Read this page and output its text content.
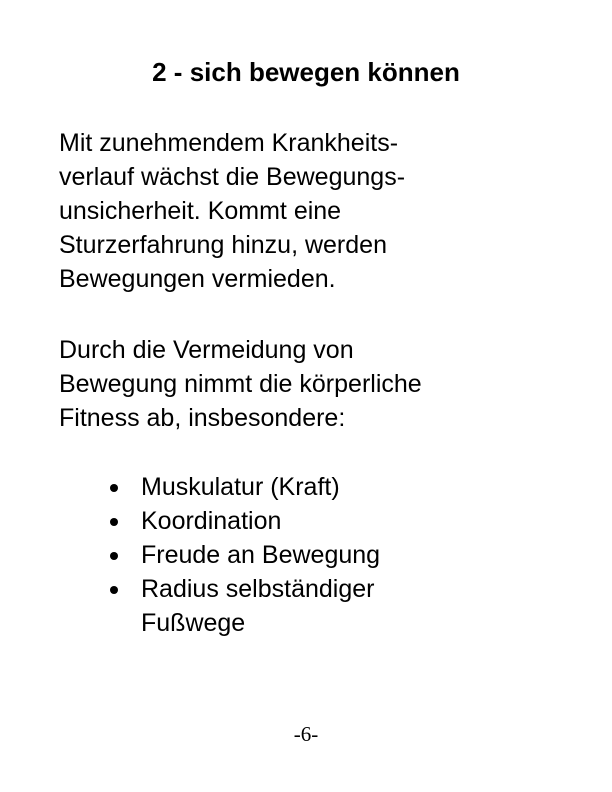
2 - sich bewegen können

Mit zunehmendem Krankheits-
verlauf wächst die Bewegungs-
unsicherheit. Kommt eine
Sturzerfahrung hinzu, werden
Bewegungen vermieden.

Durch die Vermeidung von
Bewegung nimmt die körperliche
Fitness ab, insbesondere:

Muskulatur (Kraft)
Koordination
Freude an Bewegung
Radius selbständiger
Fußwege
-6-
